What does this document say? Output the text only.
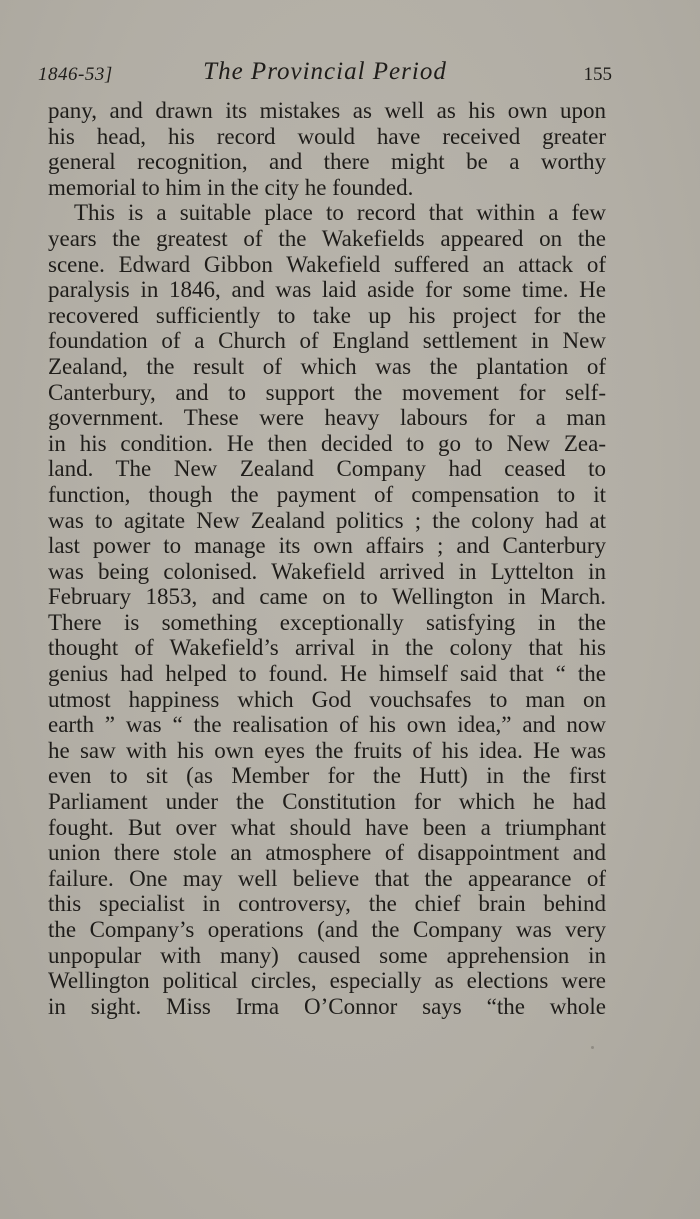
1846-53]	The Provincial Period	155
pany, and drawn its mistakes as well as his own upon
his head, his record would have received greater
general recognition, and there might be a worthy
memorial to him in the city he founded.
This is a suitable place to record that within a few
years the greatest of the Wakefields appeared on the
scene. Edward Gibbon Wakefield suffered an attack of
paralysis in 1846, and was laid aside for some time. He
recovered sufficiently to take up his project for the
foundation of a Church of England settlement in New
Zealand, the result of which was the plantation of
Canterbury, and to support the movement for self-
government. These were heavy labours for a man
in his condition. He then decided to go to New Zea-
land. The New Zealand Company had ceased to
function, though the payment of compensation to it
was to agitate New Zealand politics ; the colony had at
last power to manage its own affairs ; and Canterbury
was being colonised. Wakefield arrived in Lyttelton in
February 1853, and came on to Wellington in March.
There is something exceptionally satisfying in the
thought of Wakefield’s arrival in the colony that his
genius had helped to found. He himself said that “ the
utmost happiness which God vouchsafes to man on
earth ” was “ the realisation of his own idea,” and now
he saw with his own eyes the fruits of his idea. He was
even to sit (as Member for the Hutt) in the first
Parliament under the Constitution for which he had
fought. But over what should have been a triumphant
union there stole an atmosphere of disappointment and
failure. One may well believe that the appearance of
this specialist in controversy, the chief brain behind
the Company’s operations (and the Company was very
unpopular with many) caused some apprehension in
Wellington political circles, especially as elections were
in sight. Miss Irma O’Connor says “the whole
